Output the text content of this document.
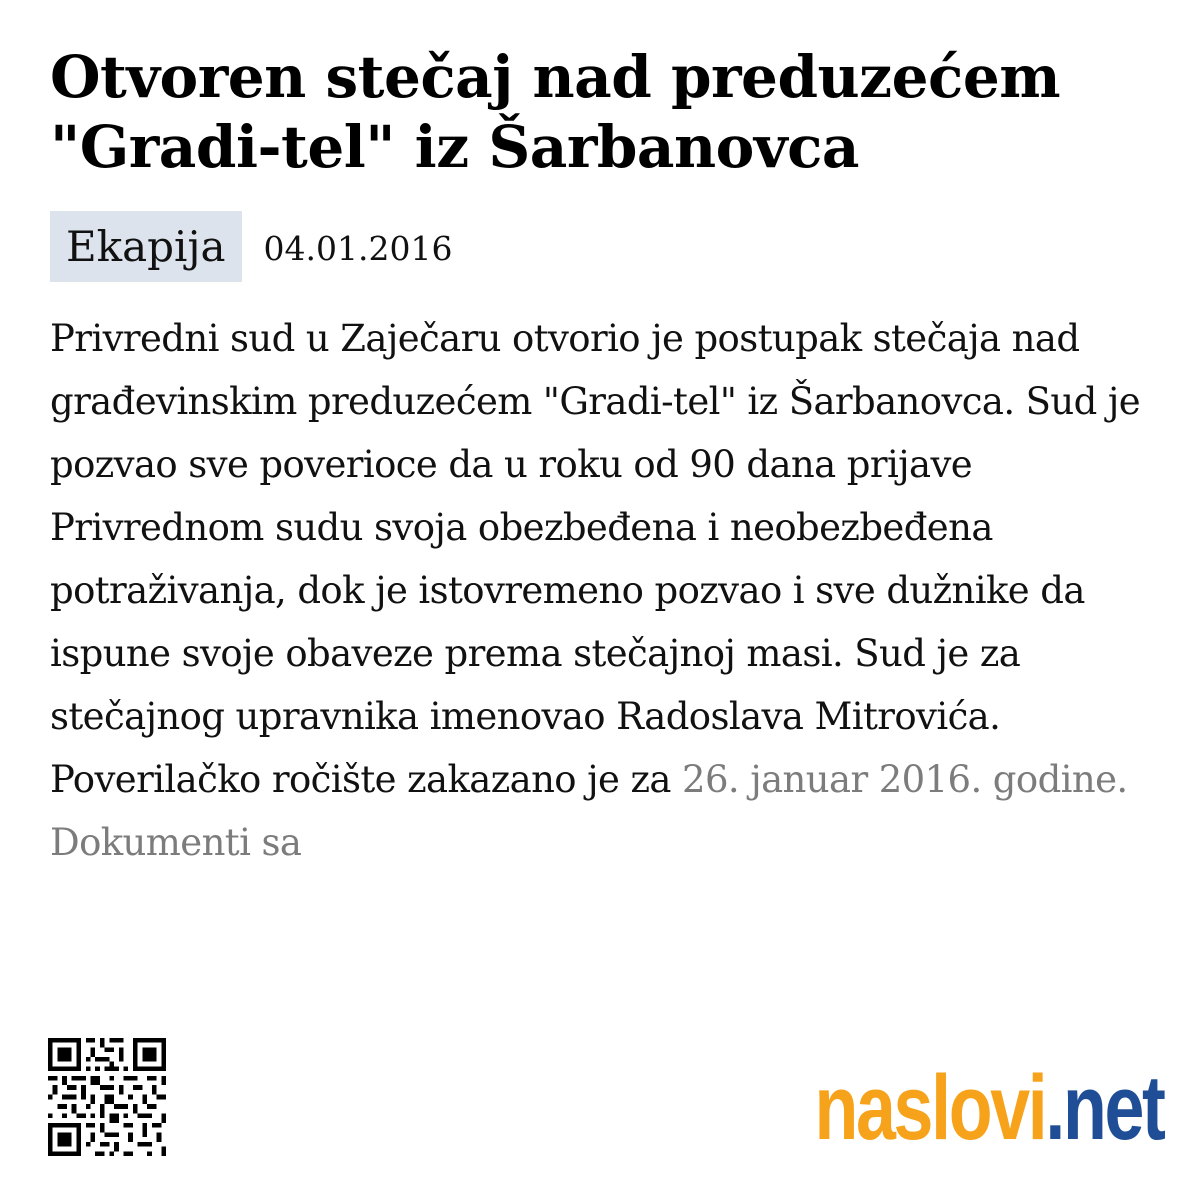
Otvoren stečaj nad preduzećem "Gradi-tel" iz Šarbanovca
Ekapija	04.01.2016

Privredni sud u Zaječaru otvorio je postupak stečaja nad građevinskim preduzećem "Gradi-tel" iz Šarbanovca. Sud je pozvao sve poverioce da u roku od 90 dana prijave Privrednom sudu svoja obezbeđena i neobezbeđena potraživanja, dok je istovremeno pozvao i sve dužnike da ispune svoje obaveze prema stečajnoj masi. Sud je za stečajnog upravnika imenovao Radoslava Mitrovića. Poverilačko ročište zakazano je za 26. januar 2016. godine. Dokumenti sa

naslovi .net
